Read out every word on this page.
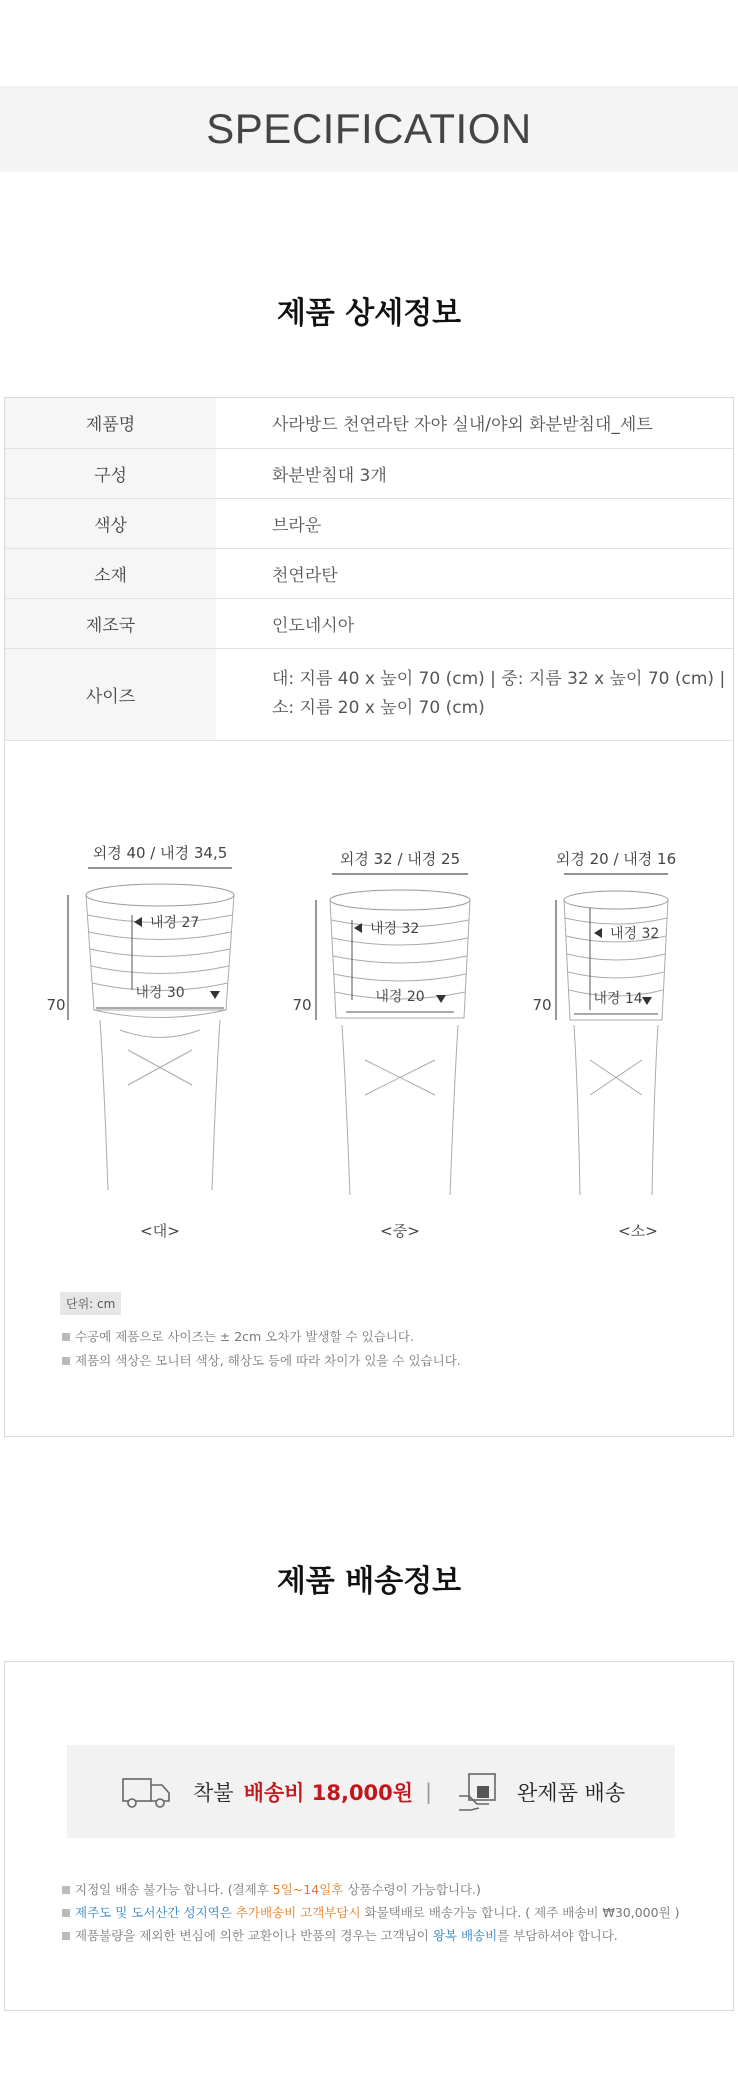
SPECIFICATION
제품 상세정보
제품명	사라방드 천연라탄 자야 실내/야외 화분받침대_세트
구성	화분받침대 3개
색상	브라운
소재	천연라탄
제조국	인도네시아
사이즈	대: 지름 40 x 높이 70 (cm) | 중: 지름 32 x 높이 70 (cm) |
소: 지름 20 x 높이 70 (cm)
외경 40 / 내경 34,5
70
내경 27
내경 30
<대>
외경 32 / 내경 25
70
내경 32
내경 20
<중>
외경 20 / 내경 16
70
내경 32
내경 14
<소>
단위: cm
수공예 제품으로 사이즈는 ± 2cm 오차가 발생할 수 있습니다.
제품의 색상은 모니터 색상, 해상도 등에 따라 차이가 있을 수 있습니다.
제품 배송정보
착불 배송비 18,000원 |	완제품 배송
지정일 배송 불가능 합니다. (결제후 5일~14일후 상품수령이 가능합니다.)
제주도 및 도서산간 성지역은 추가배송비 고객부담시 화물택배로 배송가능 합니다. ( 제주 배송비 ₩30,000원 )
제품불량을 제외한 변심에 의한 교환이나 반품의 경우는 고객님이 왕복 배송비를 부담하셔야 합니다.
